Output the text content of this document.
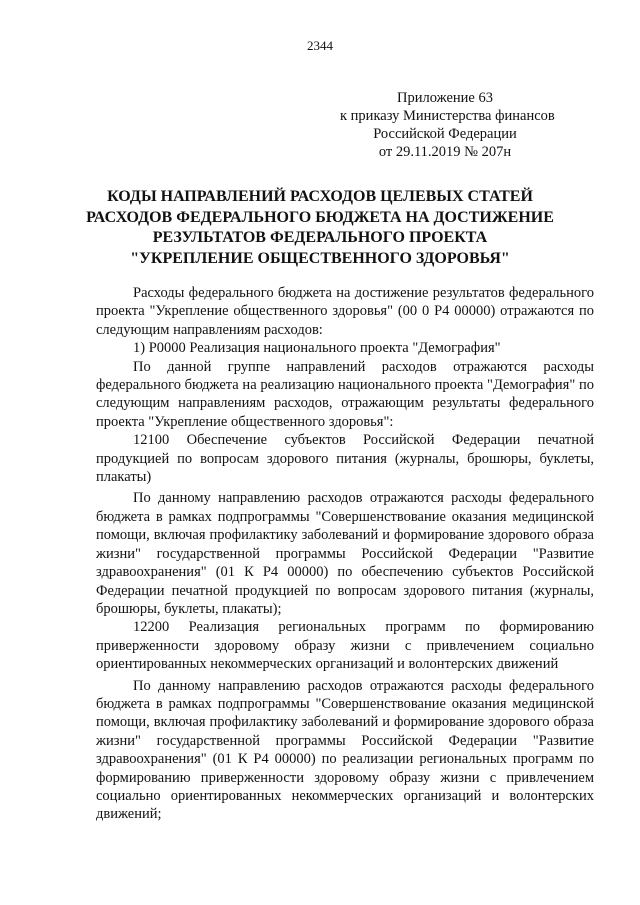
2344

Приложение 63
к приказу Министерства финансов
Российской Федерации
от 29.11.2019 № 207н
КОДЫ НАПРАВЛЕНИЙ РАСХОДОВ ЦЕЛЕВЫХ СТАТЕЙ
РАСХОДОВ ФЕДЕРАЛЬНОГО БЮДЖЕТА НА ДОСТИЖЕНИЕ
РЕЗУЛЬТАТОВ ФЕДЕРАЛЬНОГО ПРОЕКТА
"УКРЕПЛЕНИЕ ОБЩЕСТВЕННОГО ЗДОРОВЬЯ"

Расходы федерального бюджета на достижение результатов федерального проекта "Укрепление общественного здоровья" (00 0 P4 00000) отражаются по следующим направлениям расходов:

1) P0000 Реализация национального проекта "Демография"

По данной группе направлений расходов отражаются расходы федерального бюджета на реализацию национального проекта "Демография" по следующим направлениям расходов, отражающим результаты федерального проекта "Укрепление общественного здоровья":

12100 Обеспечение субъектов Российской Федерации печатной продукцией по вопросам здорового питания (журналы, брошюры, буклеты, плакаты)

По данному направлению расходов отражаются расходы федерального бюджета в рамках подпрограммы "Совершенствование оказания медицинской помощи, включая профилактику заболеваний и формирование здорового образа жизни" государственной программы Российской Федерации "Развитие здравоохранения" (01 К P4 00000) по обеспечению субъектов Российской Федерации печатной продукцией по вопросам здорового питания (журналы, брошюры, буклеты, плакаты);

12200 Реализация региональных программ по формированию приверженности здоровому образу жизни с привлечением социально ориентированных некоммерческих организаций и волонтерских движений

По данному направлению расходов отражаются расходы федерального бюджета в рамках подпрограммы "Совершенствование оказания медицинской помощи, включая профилактику заболеваний и формирование здорового образа жизни" государственной программы Российской Федерации "Развитие здравоохранения" (01 К P4 00000) по реализации региональных программ по формированию приверженности здоровому образу жизни с привлечением социально ориентированных некоммерческих организаций и волонтерских движений;
